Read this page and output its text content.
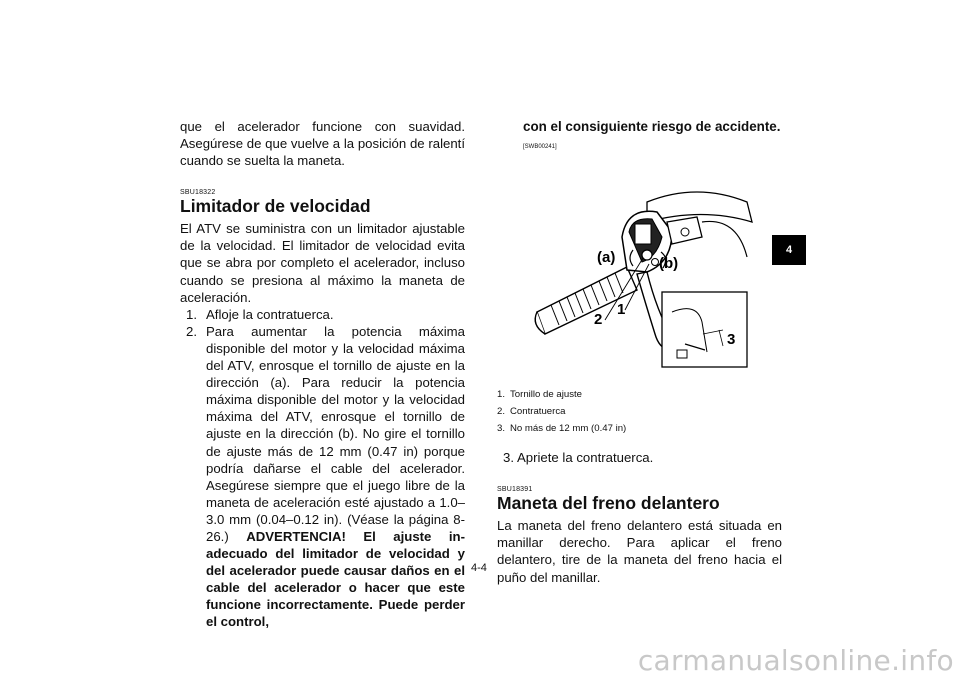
que el acelerador funcione con suavidad. Asegúrese de que vuelve a la posición de ralentí cuando se suelta la maneta.

SBU18322
Limitador de velocidad

El ATV se suministra con un limitador ajustable de la velocidad. El limitador de velocidad evita que se abra por completo el acelerador, incluso cuando se presiona al máximo la maneta de aceleración.

1. Afloje la contratuerca.
2. Para aumentar la potencia máxima disponible del motor y la velocidad máxima del ATV, enrosque el tornillo de ajuste en la dirección (a). Para reducir la potencia máxima disponible del motor y la velocidad máxima del ATV, enrosque el tornillo de ajuste en la dirección (b). No gire el tornillo de ajuste más de 12 mm (0.47 in) porque podría dañarse el cable del acelerador. Asegúrese siempre que el juego libre de la maneta de aceleración esté ajustado a 1.0–3.0 mm (0.04–0.12 in). (Véase la página 8-26.) ADVERTENCIA! El ajuste inadecuado del limitador de velocidad y del acelerador puede causar daños en el cable del acelerador o hacer que este funcione incorrectamente. Puede perder el control,
con el consiguiente riesgo de accidente.[SWB00241]
(a)	(b)
1
2
3
1. Tornillo de ajuste
2. Contratuerca
3. No más de 12 mm (0.47 in)
3. Apriete la contratuerca.
SBU18391
Maneta del freno delantero

La maneta del freno delantero está situada en manillar derecho. Para aplicar el freno delantero, tire de la maneta del freno hacia el puño del manillar.

4-4
4
carmanualsonline.info
